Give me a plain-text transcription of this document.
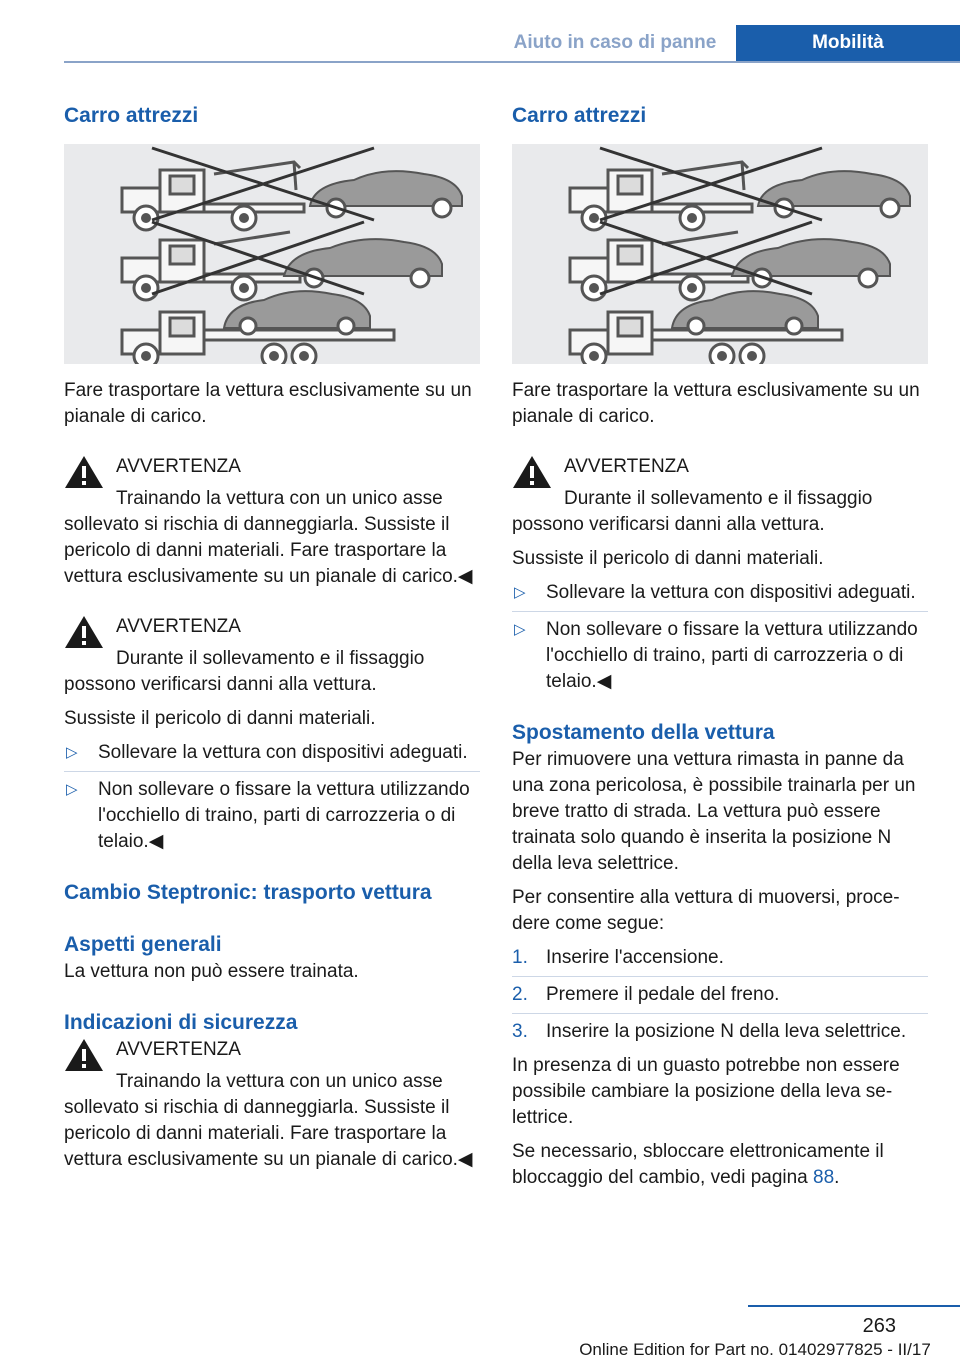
Aiuto in caso di panne	Mobilità
Carro attrezzi

Fare trasportare la vettura esclusivamente su un pianale di carico.

AVVERTENZA

Trainando la vettura con un unico asse

sollevato si rischia di danneggiarla. Sussiste il pericolo di danni materiali. Fare trasportare la vettura esclusivamente su un pianale di carico.◀

AVVERTENZA

Durante il sollevamento e il fissaggio

possono verificarsi danni alla vettura.

Sussiste il pericolo di danni materiali.

▷ Sollevare la vettura con dispositivi adeguati.
▷ Non sollevare o fissare la vettura utilizzando l'occhiello di traino, parti di carrozzeria o di telaio.◀
Cambio Steptronic: trasporto vettura
Aspetti generali

La vettura non può essere trainata.

Indicazioni di sicurezza

AVVERTENZA

Trainando la vettura con un unico asse

sollevato si rischia di danneggiarla. Sussiste il pericolo di danni materiali. Fare trasportare la vettura esclusivamente su un pianale di carico.◀

Carro attrezzi

Fare trasportare la vettura esclusivamente su un pianale di carico.

AVVERTENZA

Durante il sollevamento e il fissaggio

possono verificarsi danni alla vettura.

Sussiste il pericolo di danni materiali.

▷ Sollevare la vettura con dispositivi adeguati.
▷ Non sollevare o fissare la vettura utilizzando l'occhiello di traino, parti di carrozzeria o di telaio.◀
Spostamento della vettura

Per rimuovere una vettura rimasta in panne da una zona pericolosa, è possibile trainarla per un breve tratto di strada. La vettura può essere trainata solo quando è inserita la posizione N della leva selettrice.

Per consentire alla vettura di muoversi, procedere come segue:

1. Inserire l'accensione.
2. Premere il pedale del freno.
3. Inserire la posizione N della leva selettrice.

In presenza di un guasto potrebbe non essere possibile cambiare la posizione della leva selettrice.

Se necessario, sbloccare elettronicamente il bloccaggio del cambio, vedi pagina 88.

263
Online Edition for Part no. 01402977825 - II/17
